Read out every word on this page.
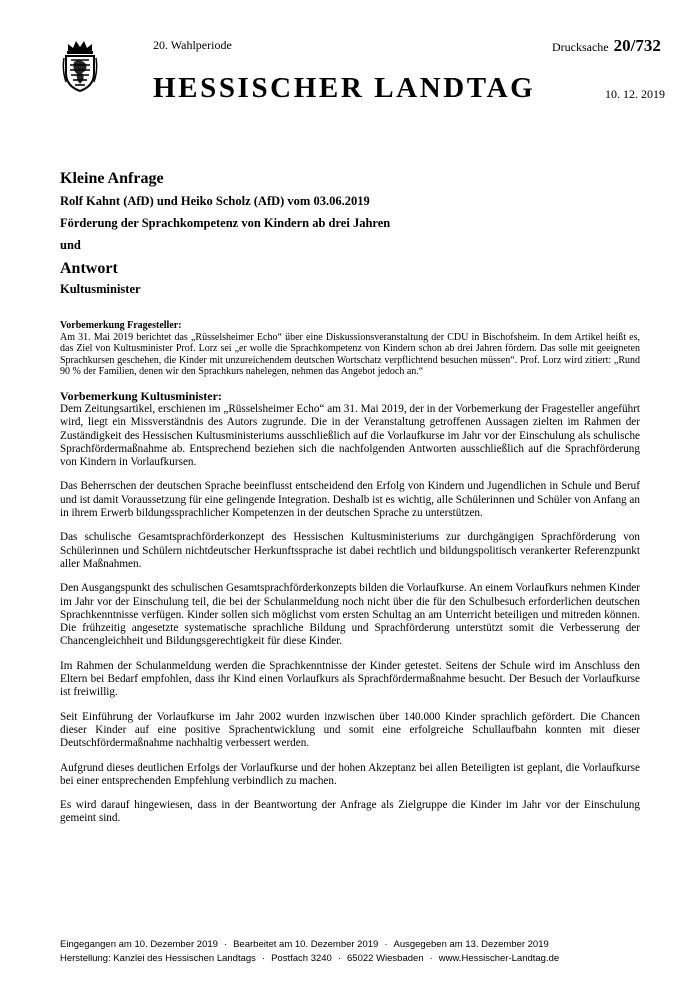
20. Wahlperiode	Drucksache 20/732
HESSISCHER LANDTAG	10. 12. 2019
Kleine Anfrage
Rolf Kahnt (AfD) und Heiko Scholz (AfD) vom 03.06.2019
Förderung der Sprachkompetenz von Kindern ab drei Jahren
und
Antwort
Kultusminister
Vorbemerkung Fragesteller:

Am 31. Mai 2019 berichtet das „Rüsselsheimer Echo“ über eine Diskussionsveranstaltung der CDU in Bischofsheim. In dem Artikel heißt es, das Ziel von Kultusminister Prof. Lorz sei „er wolle die Sprachkompetenz von Kindern schon ab drei Jahren fördern. Das solle mit geeigneten Sprachkursen geschehen, die Kinder mit unzureichendem deutschen Wortschatz verpflichtend besuchen müssen“. Prof. Lorz wird zitiert: „Rund 90 % der Familien, denen wir den Sprachkurs nahelegen, nehmen das Angebot jedoch an.“

Vorbemerkung Kultusminister:

Dem Zeitungsartikel, erschienen im „Rüsselsheimer Echo“ am 31. Mai 2019, der in der Vorbemerkung der Fragesteller angeführt wird, liegt ein Missverständnis des Autors zugrunde. Die in der Veranstaltung getroffenen Aussagen zielten im Rahmen der Zuständigkeit des Hessischen Kultusministeriums ausschließlich auf die Vorlaufkurse im Jahr vor der Einschulung als schulische Sprachfördermaßnahme ab. Entsprechend beziehen sich die nachfolgenden Antworten ausschließlich auf die Sprachförderung von Kindern in Vorlaufkursen.

Das Beherrschen der deutschen Sprache beeinflusst entscheidend den Erfolg von Kindern und Jugendlichen in Schule und Beruf und ist damit Voraussetzung für eine gelingende Integration. Deshalb ist es wichtig, alle Schülerinnen und Schüler von Anfang an in ihrem Erwerb bildungssprachlicher Kompetenzen in der deutschen Sprache zu unterstützen.

Das schulische Gesamtsprachförderkonzept des Hessischen Kultusministeriums zur durchgängigen Sprachförderung von Schülerinnen und Schülern nichtdeutscher Herkunftssprache ist dabei rechtlich und bildungspolitisch verankerter Referenzpunkt aller Maßnahmen.

Den Ausgangspunkt des schulischen Gesamtsprachförderkonzepts bilden die Vorlaufkurse. An einem Vorlaufkurs nehmen Kinder im Jahr vor der Einschulung teil, die bei der Schulanmeldung noch nicht über die für den Schulbesuch erforderlichen deutschen Sprachkenntnisse verfügen. Kinder sollen sich möglichst vom ersten Schultag an am Unterricht beteiligen und mitreden können. Die frühzeitig angesetzte systematische sprachliche Bildung und Sprachförderung unterstützt somit die Verbesserung der Chancengleichheit und Bildungsgerechtigkeit für diese Kinder.

Im Rahmen der Schulanmeldung werden die Sprachkenntnisse der Kinder getestet. Seitens der Schule wird im Anschluss den Eltern bei Bedarf empfohlen, dass ihr Kind einen Vorlaufkurs als Sprachfördermaßnahme besucht. Der Besuch der Vorlaufkurse ist freiwillig.

Seit Einführung der Vorlaufkurse im Jahr 2002 wurden inzwischen über 140.000 Kinder sprachlich gefördert. Die Chancen dieser Kinder auf eine positive Sprachentwicklung und somit eine erfolgreiche Schullaufbahn konnten mit dieser Deutschfördermaßnahme nachhaltig verbessert werden.

Aufgrund dieses deutlichen Erfolgs der Vorlaufkurse und der hohen Akzeptanz bei allen Beteiligten ist geplant, die Vorlaufkurse bei einer entsprechenden Empfehlung verbindlich zu machen.

Es wird darauf hingewiesen, dass in der Beantwortung der Anfrage als Zielgruppe die Kinder im Jahr vor der Einschulung gemeint sind.

Eingegangen am 10. Dezember 2019 · Bearbeitet am 10. Dezember 2019 · Ausgegeben am 13. Dezember 2019
Herstellung: Kanzlei des Hessischen Landtags · Postfach 3240 · 65022 Wiesbaden · www.Hessischer-Landtag.de
